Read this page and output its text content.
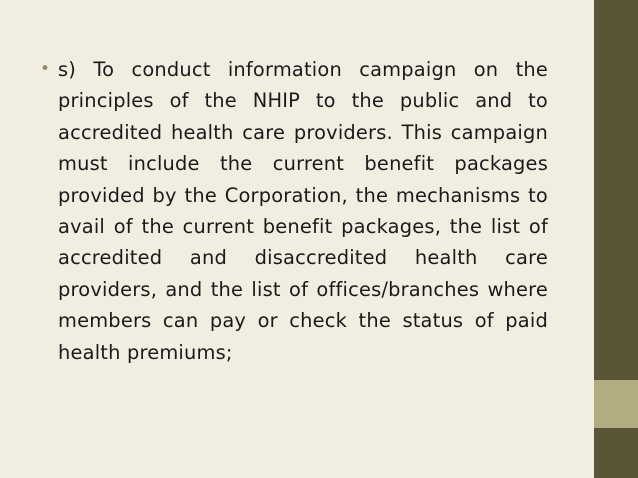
• s) To conduct information campaign on the principles of the NHIP to the public and to accredited health care providers. This campaign must include the current benefit packages provided by the Corporation, the mechanisms to avail of the current benefit packages, the list of accredited and disaccredited health care providers, and the list of offices/branches where members can pay or check the status of paid health premiums;
